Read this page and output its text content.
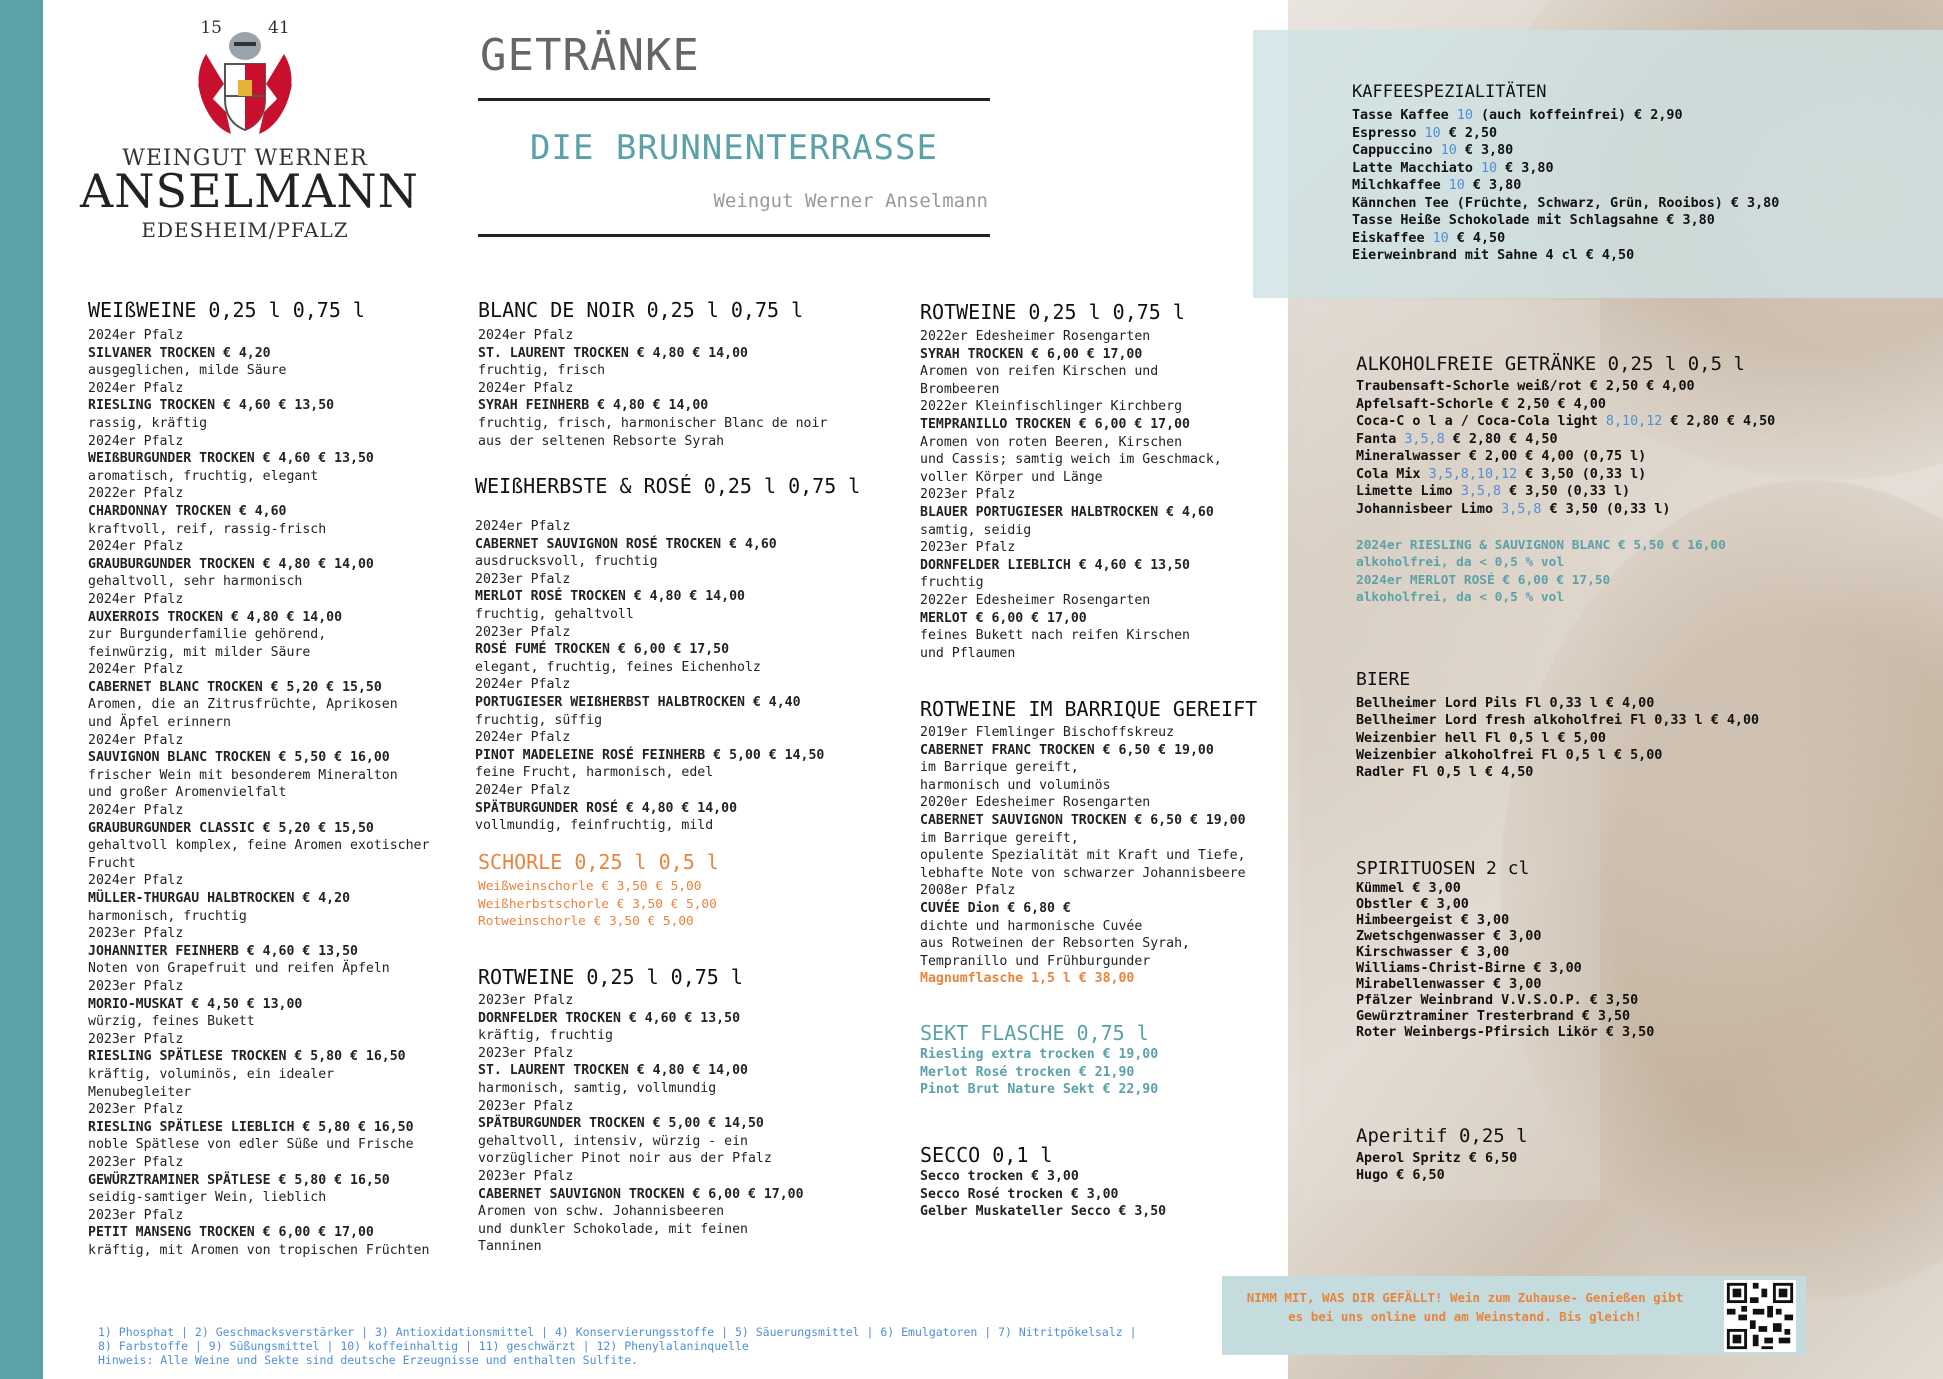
15	41
WEINGUT WERNER
ANSELMANN
EDESHEIM/PFALZ
GETRÄNKE
DIE BRUNNENTERRASSE
Weingut Werner Anselmann
WEIßWEINE 0,25 l 0,75 l
2024er Pfalz
SILVANER TROCKEN € 4,20
ausgeglichen, milde Säure
2024er Pfalz
RIESLING TROCKEN € 4,60 € 13,50
rassig, kräftig
2024er Pfalz
WEIßBURGUNDER TROCKEN € 4,60 € 13,50
aromatisch, fruchtig, elegant
2022er Pfalz
CHARDONNAY TROCKEN € 4,60
kraftvoll, reif, rassig-frisch
2024er Pfalz
GRAUBURGUNDER TROCKEN € 4,80 € 14,00
gehaltvoll, sehr harmonisch
2024er Pfalz
AUXERROIS TROCKEN € 4,80 € 14,00
zur Burgunderfamilie gehörend,
feinwürzig, mit milder Säure
2024er Pfalz
CABERNET BLANC TROCKEN € 5,20 € 15,50
Aromen, die an Zitrusfrüchte, Aprikosen
und Äpfel erinnern
2024er Pfalz
SAUVIGNON BLANC TROCKEN € 5,50 € 16,00
frischer Wein mit besonderem Mineralton
und großer Aromenvielfalt
2024er Pfalz
GRAUBURGUNDER CLASSIC € 5,20 € 15,50
gehaltvoll komplex, feine Aromen exotischer
Frucht
2024er Pfalz
MÜLLER-THURGAU HALBTROCKEN € 4,20
harmonisch, fruchtig
2023er Pfalz
JOHANNITER FEINHERB € 4,60 € 13,50
Noten von Grapefruit und reifen Äpfeln
2023er Pfalz
MORIO-MUSKAT € 4,50 € 13,00
würzig, feines Bukett
2023er Pfalz
RIESLING SPÄTLESE TROCKEN € 5,80 € 16,50
kräftig, voluminös, ein idealer
Menubegleiter
2023er Pfalz
RIESLING SPÄTLESE LIEBLICH € 5,80 € 16,50
noble Spätlese von edler Süße und Frische
2023er Pfalz
GEWÜRZTRAMINER SPÄTLESE € 5,80 € 16,50
seidig-samtiger Wein, lieblich
2023er Pfalz
PETIT MANSENG TROCKEN € 6,00 € 17,00
kräftig, mit Aromen von tropischen Früchten
BLANC DE NOIR 0,25 l 0,75 l
2024er Pfalz
ST. LAURENT TROCKEN € 4,80 € 14,00
fruchtig, frisch
2024er Pfalz
SYRAH FEINHERB € 4,80 € 14,00
fruchtig, frisch, harmonischer Blanc de noir
aus der seltenen Rebsorte Syrah
WEIßHERBSTE & ROSÉ 0,25 l 0,75 l
2024er Pfalz
CABERNET SAUVIGNON ROSÉ TROCKEN € 4,60
ausdrucksvoll, fruchtig
2023er Pfalz
MERLOT ROSÉ TROCKEN € 4,80 € 14,00
fruchtig, gehaltvoll
2023er Pfalz
ROSÉ FUMÉ TROCKEN € 6,00 € 17,50
elegant, fruchtig, feines Eichenholz
2024er Pfalz
PORTUGIESER WEIßHERBST HALBTROCKEN € 4,40
fruchtig, süffig
2024er Pfalz
PINOT MADELEINE ROSÉ FEINHERB € 5,00 € 14,50
feine Frucht, harmonisch, edel
2024er Pfalz
SPÄTBURGUNDER ROSÉ € 4,80 € 14,00
vollmundig, feinfruchtig, mild
SCHORLE 0,25 l 0,5 l
Weißweinschorle € 3,50 € 5,00
Weißherbstschorle € 3,50 € 5,00
Rotweinschorle € 3,50 € 5,00
ROTWEINE 0,25 l 0,75 l
2023er Pfalz
DORNFELDER TROCKEN € 4,60 € 13,50
kräftig, fruchtig
2023er Pfalz
ST. LAURENT TROCKEN € 4,80 € 14,00
harmonisch, samtig, vollmundig
2023er Pfalz
SPÄTBURGUNDER TROCKEN € 5,00 € 14,50
gehaltvoll, intensiv, würzig - ein
vorzüglicher Pinot noir aus der Pfalz
2023er Pfalz
CABERNET SAUVIGNON TROCKEN € 6,00 € 17,00
Aromen von schw. Johannisbeeren
und dunkler Schokolade, mit feinen
Tanninen
ROTWEINE 0,25 l 0,75 l
2022er Edesheimer Rosengarten
SYRAH TROCKEN € 6,00 € 17,00
Aromen von reifen Kirschen und
Brombeeren
2022er Kleinfischlinger Kirchberg
TEMPRANILLO TROCKEN € 6,00 € 17,00
Aromen von roten Beeren, Kirschen
und Cassis; samtig weich im Geschmack,
voller Körper und Länge
2023er Pfalz
BLAUER PORTUGIESER HALBTROCKEN € 4,60
samtig, seidig
2023er Pfalz
DORNFELDER LIEBLICH € 4,60 € 13,50
fruchtig
2022er Edesheimer Rosengarten
MERLOT € 6,00 € 17,00
feines Bukett nach reifen Kirschen
und Pflaumen
ROTWEINE IM BARRIQUE GEREIFT
2019er Flemlinger Bischoffskreuz
CABERNET FRANC TROCKEN € 6,50 € 19,00
im Barrique gereift,
harmonisch und voluminös
2020er Edesheimer Rosengarten
CABERNET SAUVIGNON TROCKEN € 6,50 € 19,00
im Barrique gereift,
opulente Spezialität mit Kraft und Tiefe,
lebhafte Note von schwarzer Johannisbeere
2008er Pfalz
CUVÉE Dion € 6,80 €
dichte und harmonische Cuvée
aus Rotweinen der Rebsorten Syrah,
Tempranillo und Frühburgunder
Magnumflasche 1,5 l € 38,00
SEKT FLASCHE 0,75 l
Riesling extra trocken € 19,00
Merlot Rosé trocken € 21,90
Pinot Brut Nature Sekt € 22,90
SECCO 0,1 l
Secco trocken € 3,00
Secco Rosé trocken € 3,00
Gelber Muskateller Secco € 3,50
KAFFEESPEZIALITÄTEN
Tasse Kaffee 10 (auch koffeinfrei) € 2,90
Espresso 10 € 2,50
Cappuccino 10 € 3,80
Latte Macchiato 10 € 3,80
Milchkaffee 10 € 3,80
Kännchen Tee (Früchte, Schwarz, Grün, Rooibos) € 3,80
Tasse Heiße Schokolade mit Schlagsahne € 3,80
Eiskaffee 10 € 4,50
Eierweinbrand mit Sahne 4 cl € 4,50
ALKOHOLFREIE GETRÄNKE 0,25 l 0,5 l
Traubensaft-Schorle weiß/rot € 2,50 € 4,00
Apfelsaft-Schorle € 2,50 € 4,00
Coca-C o l a / Coca-Cola light 8,10,12 € 2,80 € 4,50
Fanta 3,5,8 € 2,80 € 4,50
Mineralwasser € 2,00 € 4,00 (0,75 l)
Cola Mix 3,5,8,10,12 € 3,50 (0,33 l)
Limette Limo 3,5,8 € 3,50 (0,33 l)
Johannisbeer Limo 3,5,8 € 3,50 (0,33 l)
2024er RIESLING & SAUVIGNON BLANC € 5,50 € 16,00
alkoholfrei, da < 0,5 % vol
2024er MERLOT ROSÉ € 6,00 € 17,50
alkoholfrei, da < 0,5 % vol
BIERE
Bellheimer Lord Pils Fl 0,33 l € 4,00
Bellheimer Lord fresh alkoholfrei Fl 0,33 l € 4,00
Weizenbier hell Fl 0,5 l € 5,00
Weizenbier alkoholfrei Fl 0,5 l € 5,00
Radler Fl 0,5 l € 4,50
SPIRITUOSEN 2 cl
Kümmel € 3,00
Obstler € 3,00
Himbeergeist € 3,00
Zwetschgenwasser € 3,00
Kirschwasser € 3,00
Williams-Christ-Birne € 3,00
Mirabellenwasser € 3,00
Pfälzer Weinbrand V.V.S.O.P. € 3,50
Gewürztraminer Tresterbrand € 3,50
Roter Weinbergs-Pfirsich Likör € 3,50
Aperitif 0,25 l
Aperol Spritz € 6,50
Hugo € 6,50
NIMM MIT, WAS DIR GEFÄLLT! Wein zum Zuhause- Genießen gibt es bei uns online und am Weinstand. Bis gleich!
1) Phosphat | 2) Geschmacksverstärker | 3) Antioxidationsmittel | 4) Konservierungsstoffe | 5) Säuerungsmittel | 6) Emulgatoren | 7) Nitritpökelsalz |
8) Farbstoffe | 9) Süßungsmittel | 10) koffeinhaltig | 11) geschwärzt | 12) Phenylalaninquelle
Hinweis: Alle Weine und Sekte sind deutsche Erzeugnisse und enthalten Sulfite.
